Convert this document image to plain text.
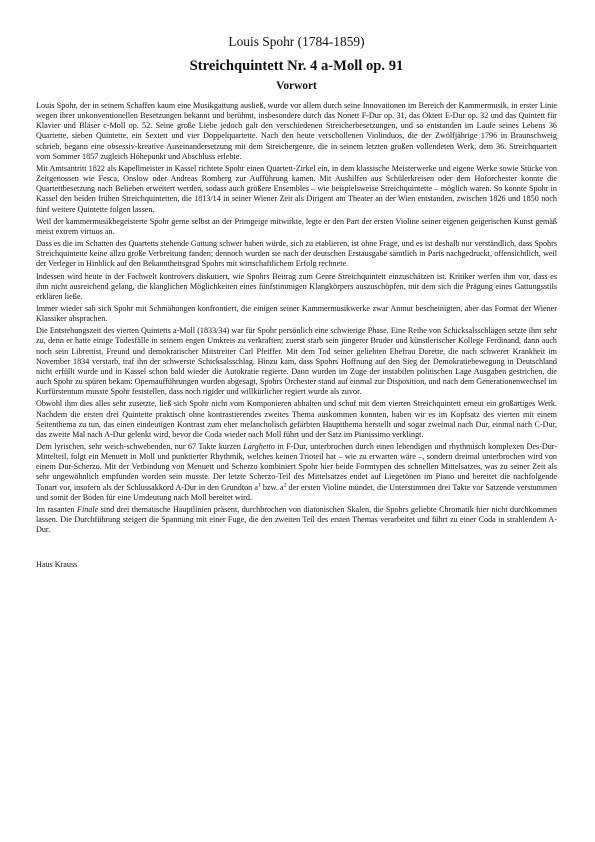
Louis Spohr (1784-1859)
Streichquintett Nr. 4 a-Moll op. 91
Vorwort

Louis Spohr, der in seinem Schaffen kaum eine Musikgattung ausließ, wurde vor allem durch seine Innovationen im Bereich der Kammermusik, in erster Linie wegen ihrer unkonventionellen Besetzungen bekannt und berühmt, insbesondere durch das Nonett F-Dur op. 31, das Oktett E-Dur op. 32 und das Quintett für Klavier und Bläser c-Moll op. 52. Seine große Liebe jedoch galt den verschiedenen Streicherbesetzungen, und so entstanden im Laufe seines Lebens 36 Quartette, sieben Quintette, ein Sextett und vier Doppelquartette. Nach den heute verschollenen Violinduos, die der Zwölfjährige 1796 in Braunschweig schrieb, begann eine obsessiv-kreative Auseinandersetzung mit dem Streichergenre, die in seinem letzten großen vollendeten Werk, dem 36. Streichquartett vom Sommer 1857 zugleich Höhepunkt und Abschluss erlebte.

Mit Amtsantritt 1822 als Kapellmeister in Kassel richtete Spohr einen Quartett-Zirkel ein, in dem klassische Meisterwerke und eigene Werke sowie Stücke von Zeitgenossen wie Fesca, Onslow oder Andreas Romberg zur Aufführung kamen. Mit Aushilfen aus Schülerkreisen oder dem Hoforchester konnte die Quartettbesetzung nach Belieben erweitert werden, sodass auch größere Ensembles – wie beispielsweise Streichquintette – möglich waren. So konnte Spohr in Kassel den beiden frühen Streichquintetten, die 1813/14 in seiner Wiener Zeit als Dirigent am Theater an der Wien entstanden, zwischen 1826 und 1850 noch fünf weitere Quintette folgen lassen.

Weil der kammermusikbegeisterte Spohr gerne selbst an der Primgeige mitwirkte, legte er den Part der ersten Violine seiner eigenen geigerischen Kunst gemäß meist extrem virtuos an.

Dass es die im Schatten des Quartetts stehende Gattung schwer haben würde, sich zu etablieren, ist ohne Frage, und es ist deshalb nur verständlich, dass Spohrs Streichquintette keine allzu große Verbreitung fanden; dennoch wurden sie nach der deutschen Erstausgabe sämtlich in Paris nachgedruckt, offensichtlich, weil der Verleger in Hinblick auf den Bekanntheitsgrad Spohrs mit wirtschaftlichem Erfolg rechnete.

Indessen wird heute in der Fachwelt kontrovers diskutiert, wie Spohrs Beitrag zum Genre Streichquintett einzuschätzen ist. Kritiker werfen ihm vor, dass es ihm nicht ausreichend gelang, die klanglichen Möglichkeiten eines fünfstimmigen Klangkörpers auszuschöpfen, mit dem sich die Prägung eines Gattungsstils erklären ließe.

Immer wieder sah sich Spohr mit Schmähungen konfrontiert, die einigen seiner Kammermusikwerke zwar Anmut bescheinigten, aber das Format der Wiener Klassiker absprachen.

Die Entstehungszeit des vierten Quintetts a-Moll (1833/34) war für Spohr persönlich eine schwierige Phase. Eine Reihe von Schicksalsschlägen setzte ihm sehr zu, denn er hatte einige Todesfälle in seinem engen Umkreis zu verkraften; zuerst starb sein jüngerer Bruder und künstlerischer Kollege Ferdinand, dann auch noch sein Librettist, Freund und demokratischer Mitstreiter Carl Pfeiffer. Mit dem Tod seiner geliebten Ehefrau Dorette, die nach schwerer Krankheit im November 1834 verstarb, traf ihn der schwerste Schicksalsschlag. Hinzu kam, dass Spohrs Hoffnung auf den Sieg der Demokratiebewegung in Deutschland nicht erfüllt wurde und in Kassel schon bald wieder die Autokratie regierte. Dann wurden im Zuge der instabilen politischen Lage Ausgaben gestrichen, die auch Spohr zu spüren bekam: Opernaufführungen wurden abgesagt, Spohrs Orchester stand auf einmal zur Disposition, und nach dem Generationenwechsel im Kurfürstentum musste Spohr feststellen, dass noch rigider und willkürlicher regiert wurde als zuvor.

Obwohl ihm dies alles sehr zusetzte, ließ sich Spohr nicht vom Komponieren abhalten und schuf mit dem vierten Streichquintett erneut ein großartiges Werk. Nachdem die ersten drei Quintette praktisch ohne kontrastierendes zweites Thema auskommen konnten, haben wir es im Kopfsatz des vierten mit einem Seitenthema zu tun, das einen eindeutigen Kontrast zum eher melancholisch gefärbten Hauptthema herstellt und sogar zweimal nach Dur, einmal nach C-Dur, das zweite Mal nach A-Dur gelenkt wird, bevor die Coda wieder nach Moll führt und der Satz im Pianissimo verklingt.

Dem lyrischen, sehr weich-schwebenden, nur 67 Takte kurzen Larghetto in F-Dur, unterbrochen durch einen lebendigen und rhythmisch komplexen Des-Dur-Mittelteil, folgt ein Menuett in Moll und punktierter Rhythmik, welches keinen Trioteil hat – wie zu erwarten wäre –, sondern dreimal unterbrochen wird von einem Dur-Scherzo. Mit der Verbindung von Menuett und Scherzo kombiniert Spohr hier beide Formtypen des schnellen Mittelsatzes, was zu seiner Zeit als sehr ungewöhnlich empfunden worden sein musste. Der letzte Scherzo-Teil des Mittelsatzes endet auf Liegetönen im Piano und bereitet die nachfolgende Tonart vor, insofern als der Schlussakkord A-Dur in den Grundton $a^1$ bzw. $a^2$ der ersten Violine mündet, die Unterstimmen drei Takte vor Satzende verstummen und somit der Boden für eine Umdeutung nach Moll bereitet wird.

Im rasanten Finale sind drei thematische Hauptlinien präsent, durchbrochen von diatonischen Skalen, die Spohrs geliebte Chromatik hier nicht durchkommen lassen. Die Durchführung steigert die Spannung mit einer Fuge, die den zweiten Teil des ersten Themas verarbeitet und führt zu einer Coda in strahlendem A-Dur.

Haus Krauss
